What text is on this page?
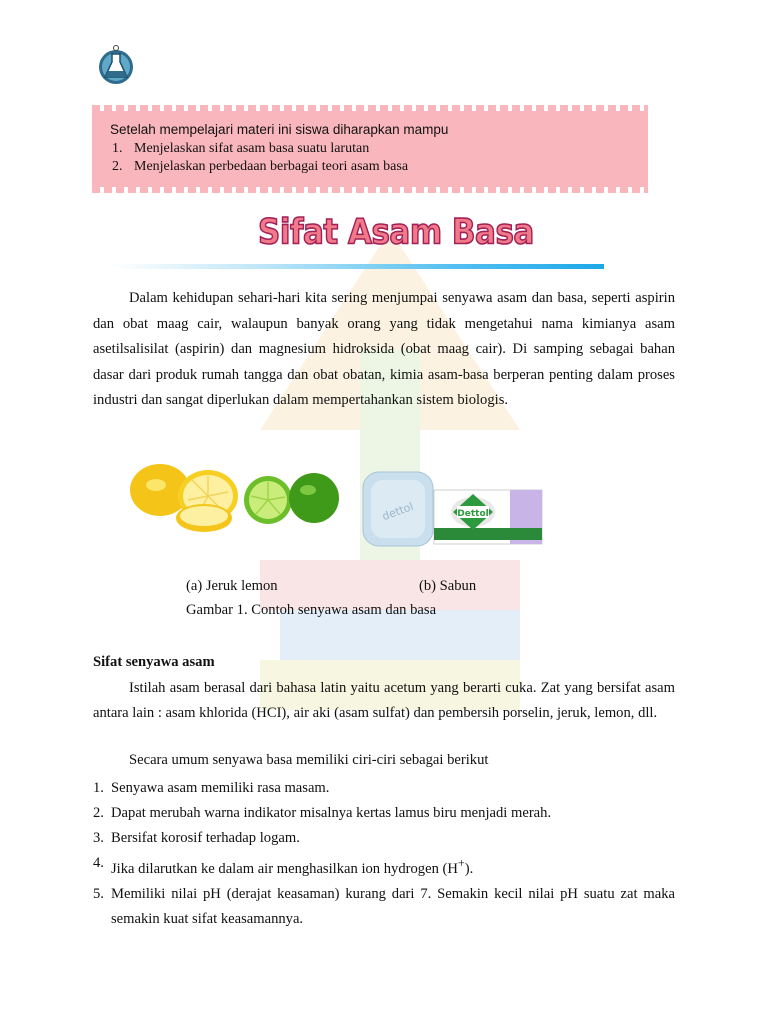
Setelah mempelajari materi ini siswa diharapkan mampu
1. Menjelaskan sifat asam basa suatu larutan
2. Menjelaskan perbedaan berbagai teori asam basa
Sifat Asam Basa

Dalam kehidupan sehari-hari kita sering menjumpai senyawa asam dan basa, seperti aspirin dan obat maag cair, walaupun banyak orang yang tidak mengetahui nama kimianya asam asetilsalisilat (aspirin) dan magnesium hidroksida (obat maag cair). Di samping sebagai bahan dasar dari produk rumah tangga dan obat obatan, kimia asam-basa berperan penting dalam proses industri dan sangat diperlukan dalam mempertahankan sistem biologis.

dettol	Dettol
(a) Jeruk lemon	(b) Sabun
Gambar 1. Contoh senyawa asam dan basa
Sifat senyawa asam

Istilah asam berasal dari bahasa latin yaitu acetum yang berarti cuka. Zat yang bersifat asam antara lain : asam khlorida (HCI), air aki (asam sulfat) dan pembersih porselin, jeruk, lemon, dll.

Secara umum senyawa basa memiliki ciri-ciri sebagai berikut
1. Senyawa asam memiliki rasa masam.
2. Dapat merubah warna indikator misalnya kertas lamus biru menjadi merah.
3. Bersifat korosif terhadap logam.
4. Jika dilarutkan ke dalam air menghasilkan ion hydrogen (H+).
5. Memiliki nilai pH (derajat keasaman) kurang dari 7. Semakin kecil nilai pH suatu zat maka semakin kuat sifat keasamannya.
